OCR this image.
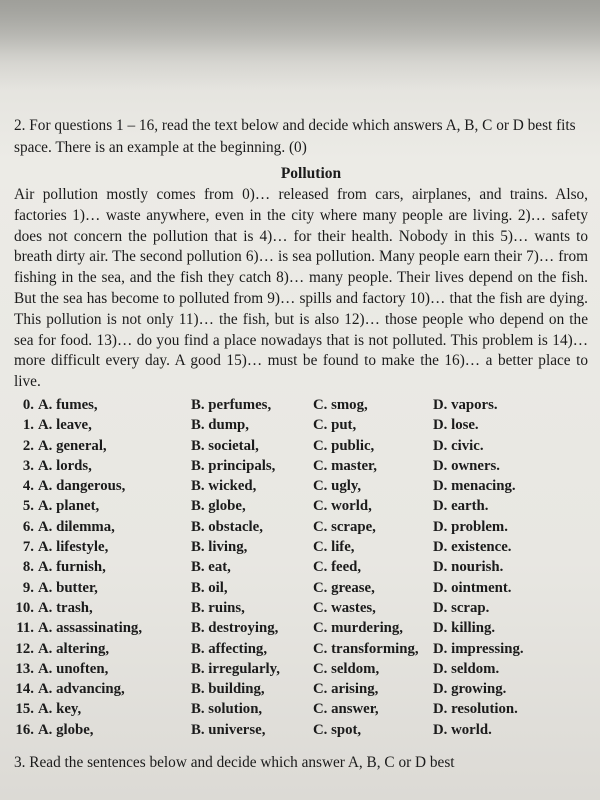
2. For questions 1 – 16, read the text below and decide which answers A, B, C or D best fits space. There is an example at the beginning. (0)

Pollution

Air pollution mostly comes from 0)… released from cars, airplanes, and trains. Also, factories 1)… waste anywhere, even in the city where many people are living. 2)… safety does not concern the pollution that is 4)… for their health. Nobody in this 5)… wants to breath dirty air. The second pollution 6)… is sea pollution. Many people earn their 7)… from fishing in the sea, and the fish they catch 8)… many people. Their lives depend on the fish. But the sea has become to polluted from 9)… spills and factory 10)… that the fish are dying. This pollution is not only 11)… the fish, but is also 12)… those people who depend on the sea for food. 13)… do you find a place nowadays that is not polluted. This problem is 14)… more difficult every day. A good 15)… must be found to make the 16)… a better place to live.

0.	A. fumes,	B. perfumes,	C. smog,	D. vapors.
1.	A. leave,	B. dump,	C. put,	D. lose.
2.	A. general,	B. societal,	C. public,	D. civic.
3.	A. lords,	B. principals,	C. master,	D. owners.
4.	A. dangerous,	B. wicked,	C. ugly,	D. menacing.
5.	A. planet,	B. globe,	C. world,	D. earth.
6.	A. dilemma,	B. obstacle,	C. scrape,	D. problem.
7.	A. lifestyle,	B. living,	C. life,	D. existence.
8.	A. furnish,	B. eat,	C. feed,	D. nourish.
9.	A. butter,	B. oil,	C. grease,	D. ointment.
10.	A. trash,	B. ruins,	C. wastes,	D. scrap.
11.	A. assassinating,	B. destroying,	C. murdering,	D. killing.
12.	A. altering,	B. affecting,	C. transforming,	D. impressing.
13.	A. unoften,	B. irregularly,	C. seldom,	D. seldom.
14.	A. advancing,	B. building,	C. arising,	D. growing.
15.	A. key,	B. solution,	C. answer,	D. resolution.
16.	A. globe,	B. universe,	C. spot,	D. world.

3. Read the sentences below and decide which answer A, B, C or D best
